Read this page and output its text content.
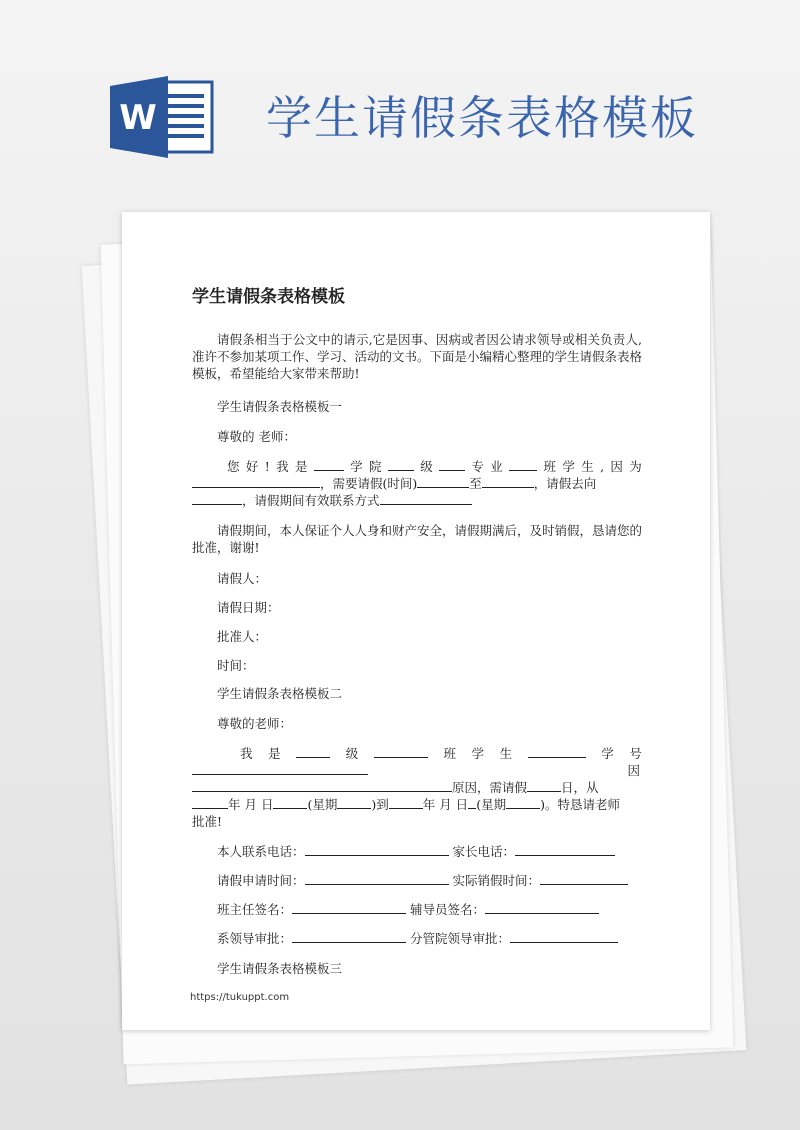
W 学生请假条表格模板
学生请假条表格模板
请假条相当于公文中的请示,它是因事、因病或者因公请求领导或相关负责人,准许不参加某项工作、学习、活动的文书。下面是小编精心整理的学生请假条表格模板，希望能给大家带来帮助!
学生请假条表格模板一
尊敬的 老师：
您 好 ! 我 是	学 院	级	专 业	班 学 生 , 因 为
，需要请假(时间)	至	，请假去向
，请假期间有效联系方式
请假期间，本人保证个人人身和财产安全，请假期满后，及时销假，恳请您的批准，谢谢!
请假人：
请假日期：
批准人：
时间：
学生请假条表格模板二
尊敬的老师：
我 是	级	班 学 生	学 号
因
原因，需请假	日，从
年 月 日	(星期	)到	年 月 日 (星期	)。特恳请老师
批准!
本人联系电话：	家长电话：
请假申请时间：	实际销假时间：
班主任签名：	辅导员签名：
系领导审批：	分管院领导审批：
学生请假条表格模板三
https://tukuppt.com
